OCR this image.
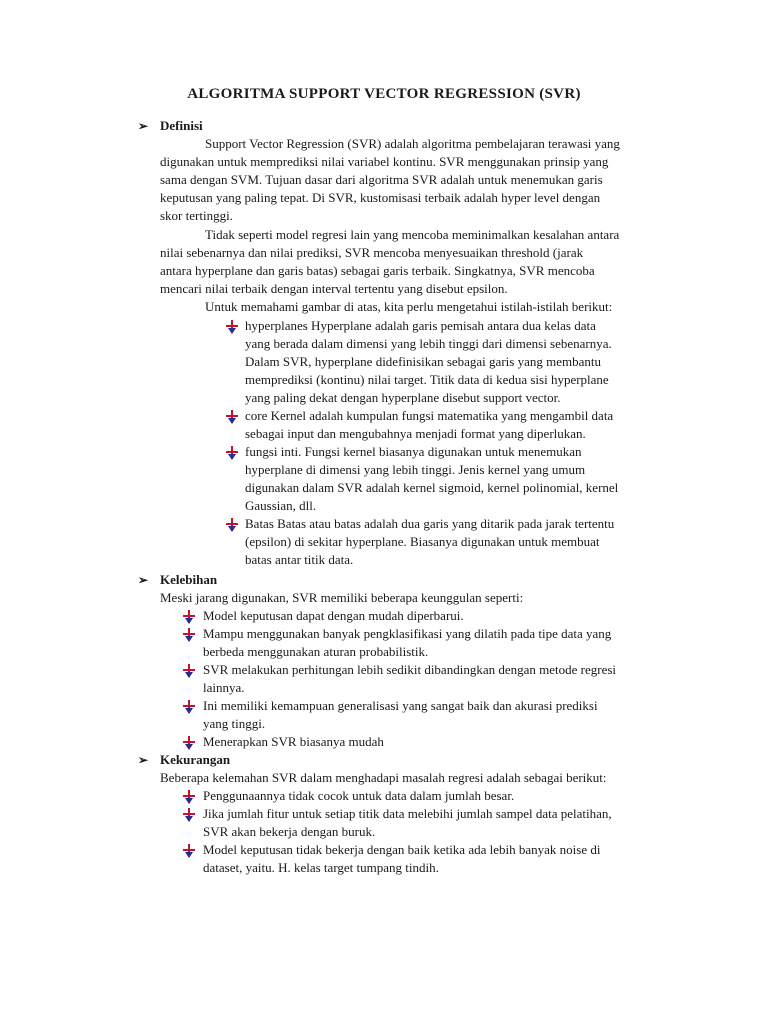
ALGORITMA SUPPORT VECTOR REGRESSION (SVR)
➢ Definisi
Support Vector Regression (SVR) adalah algoritma pembelajaran terawasi yang
digunakan untuk memprediksi nilai variabel kontinu. SVR menggunakan prinsip yang
sama dengan SVM. Tujuan dasar dari algoritma SVR adalah untuk menemukan garis
keputusan yang paling tepat. Di SVR, kustomisasi terbaik adalah hyper level dengan
skor tertinggi.
Tidak seperti model regresi lain yang mencoba meminimalkan kesalahan antara
nilai sebenarnya dan nilai prediksi, SVR mencoba menyesuaikan threshold (jarak
antara hyperplane dan garis batas) sebagai garis terbaik. Singkatnya, SVR mencoba
mencari nilai terbaik dengan interval tertentu yang disebut epsilon.
Untuk memahami gambar di atas, kita perlu mengetahui istilah-istilah berikut:
hyperplanes Hyperplane adalah garis pemisah antara dua kelas data
yang berada dalam dimensi yang lebih tinggi dari dimensi sebenarnya.
Dalam SVR, hyperplane didefinisikan sebagai garis yang membantu
memprediksi (kontinu) nilai target. Titik data di kedua sisi hyperplane
yang paling dekat dengan hyperplane disebut support vector.
core Kernel adalah kumpulan fungsi matematika yang mengambil data
sebagai input dan mengubahnya menjadi format yang diperlukan.
fungsi inti. Fungsi kernel biasanya digunakan untuk menemukan
hyperplane di dimensi yang lebih tinggi. Jenis kernel yang umum
digunakan dalam SVR adalah kernel sigmoid, kernel polinomial, kernel
Gaussian, dll.
Batas Batas atau batas adalah dua garis yang ditarik pada jarak tertentu
(epsilon) di sekitar hyperplane. Biasanya digunakan untuk membuat
batas antar titik data.
➢ Kelebihan
Meski jarang digunakan, SVR memiliki beberapa keunggulan seperti:
Model keputusan dapat dengan mudah diperbarui.
Mampu menggunakan banyak pengklasifikasi yang dilatih pada tipe data yang
berbeda menggunakan aturan probabilistik.
SVR melakukan perhitungan lebih sedikit dibandingkan dengan metode regresi
lainnya.
Ini memiliki kemampuan generalisasi yang sangat baik dan akurasi prediksi
yang tinggi.
Menerapkan SVR biasanya mudah
➢ Kekurangan
Beberapa kelemahan SVR dalam menghadapi masalah regresi adalah sebagai berikut:
Penggunaannya tidak cocok untuk data dalam jumlah besar.
Jika jumlah fitur untuk setiap titik data melebihi jumlah sampel data pelatihan,
SVR akan bekerja dengan buruk.
Model keputusan tidak bekerja dengan baik ketika ada lebih banyak noise di
dataset, yaitu. H. kelas target tumpang tindih.
